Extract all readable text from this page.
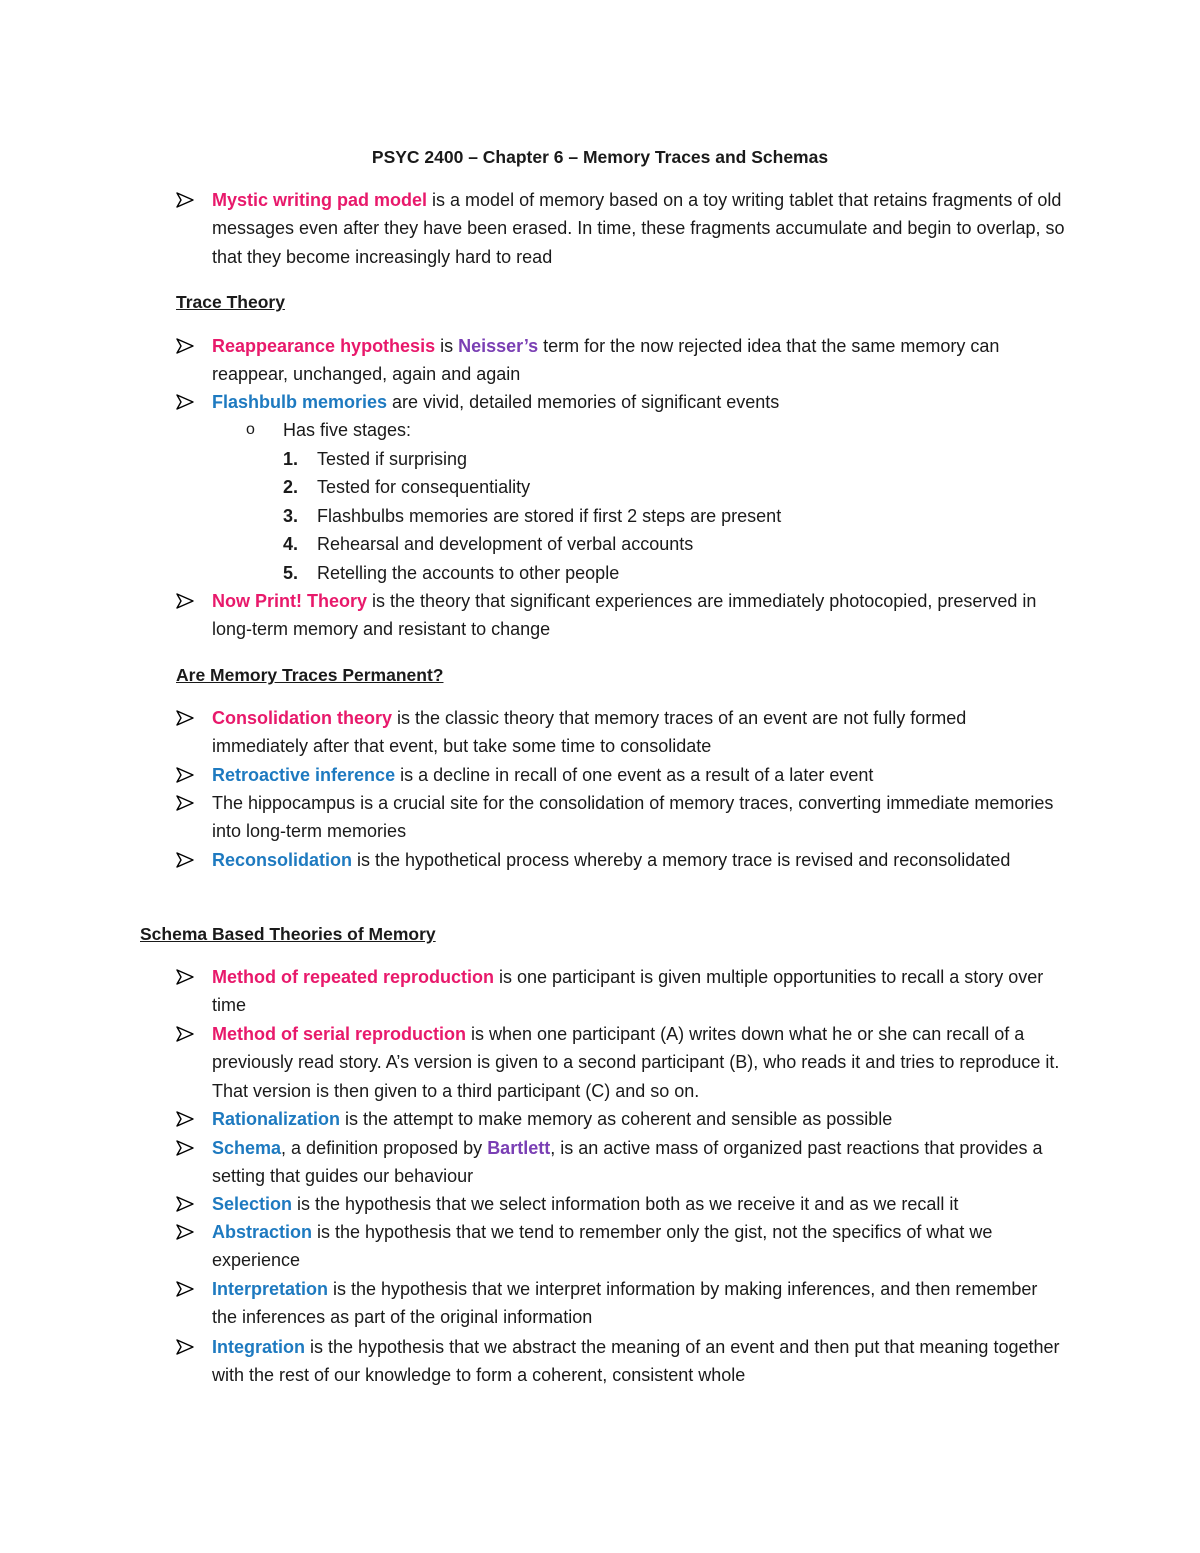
PSYC 2400 – Chapter 6 – Memory Traces and Schemas
Mystic writing pad model is a model of memory based on a toy writing tablet that retains fragments of old messages even after they have been erased. In time, these fragments accumulate and begin to overlap, so that they become increasingly hard to read
Trace Theory
Reappearance hypothesis is Neisser’s term for the now rejected idea that the same memory can reappear, unchanged, again and again
Flashbulb memories are vivid, detailed memories of significant events
o Has five stages:
1. Tested if surprising
2. Tested for consequentiality
3. Flashbulbs memories are stored if first 2 steps are present
4. Rehearsal and development of verbal accounts
5. Retelling the accounts to other people
Now Print! Theory is the theory that significant experiences are immediately photocopied, preserved in long-term memory and resistant to change
Are Memory Traces Permanent?
Consolidation theory is the classic theory that memory traces of an event are not fully formed immediately after that event, but take some time to consolidate
Retroactive inference is a decline in recall of one event as a result of a later event
The hippocampus is a crucial site for the consolidation of memory traces, converting immediate memories into long-term memories
Reconsolidation is the hypothetical process whereby a memory trace is revised and reconsolidated
Schema Based Theories of Memory
Method of repeated reproduction is one participant is given multiple opportunities to recall a story over time
Method of serial reproduction is when one participant (A) writes down what he or she can recall of a previously read story. A’s version is given to a second participant (B), who reads it and tries to reproduce it. That version is then given to a third participant (C) and so on.
Rationalization is the attempt to make memory as coherent and sensible as possible
Schema, a definition proposed by Bartlett, is an active mass of organized past reactions that provides a setting that guides our behaviour
Selection is the hypothesis that we select information both as we receive it and as we recall it
Abstraction is the hypothesis that we tend to remember only the gist, not the specifics of what we experience
Interpretation is the hypothesis that we interpret information by making inferences, and then remember the inferences as part of the original information
Integration is the hypothesis that we abstract the meaning of an event and then put that meaning together with the rest of our knowledge to form a coherent, consistent whole
